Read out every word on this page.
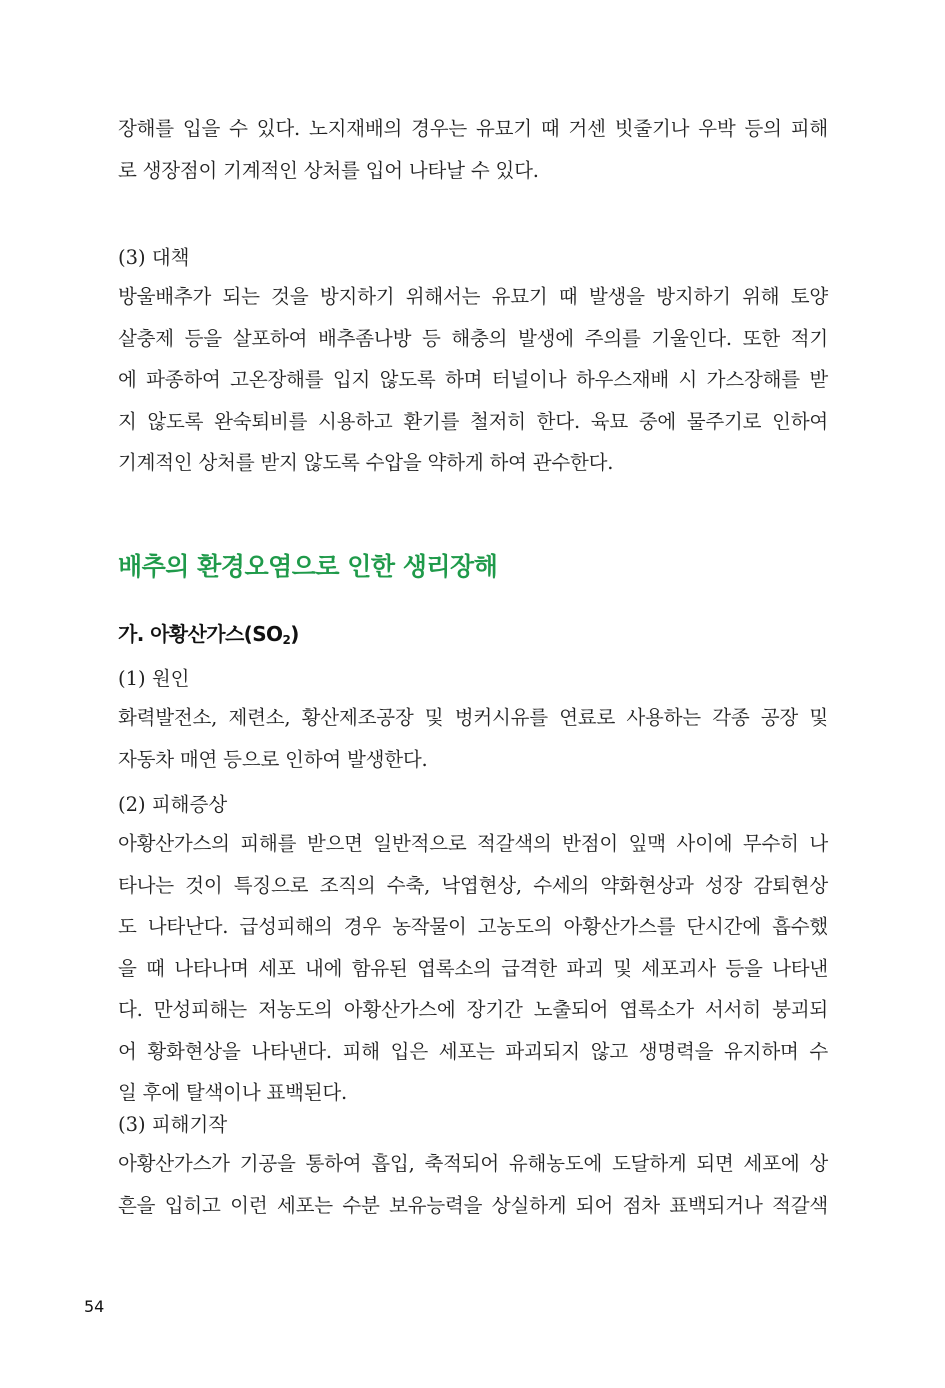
장해를 입을 수 있다. 노지재배의 경우는 유묘기 때 거센 빗줄기나 우박 등의 피해
로 생장점이 기계적인 상처를 입어 나타날 수 있다.

(3) 대책

방울배추가 되는 것을 방지하기 위해서는 유묘기 때 발생을 방지하기 위해 토양
살충제 등을 살포하여 배추좀나방 등 해충의 발생에 주의를 기울인다. 또한 적기
에 파종하여 고온장해를 입지 않도록 하며 터널이나 하우스재배 시 가스장해를 받
지 않도록 완숙퇴비를 시용하고 환기를 철저히 한다. 육묘 중에 물주기로 인하여
기계적인 상처를 받지 않도록 수압을 약하게 하여 관수한다.
배추의 환경오염으로 인한 생리장해
가. 아황산가스$(SO_2)$

(1) 원인

화력발전소, 제련소, 황산제조공장 및 벙커시유를 연료로 사용하는 각종 공장 및
자동차 매연 등으로 인하여 발생한다.

(2) 피해증상

아황산가스의 피해를 받으면 일반적으로 적갈색의 반점이 잎맥 사이에 무수히 나
타나는 것이 특징으로 조직의 수축, 낙엽현상, 수세의 약화현상과 성장 감퇴현상
도 나타난다. 급성피해의 경우 농작물이 고농도의 아황산가스를 단시간에 흡수했
을 때 나타나며 세포 내에 함유된 엽록소의 급격한 파괴 및 세포괴사 등을 나타낸
다. 만성피해는 저농도의 아황산가스에 장기간 노출되어 엽록소가 서서히 붕괴되
어 황화현상을 나타낸다. 피해 입은 세포는 파괴되지 않고 생명력을 유지하며 수
일 후에 탈색이나 표백된다.

(3) 피해기작

아황산가스가 기공을 통하여 흡입, 축적되어 유해농도에 도달하게 되면 세포에 상
흔을 입히고 이런 세포는 수분 보유능력을 상실하게 되어 점차 표백되거나 적갈색

54
